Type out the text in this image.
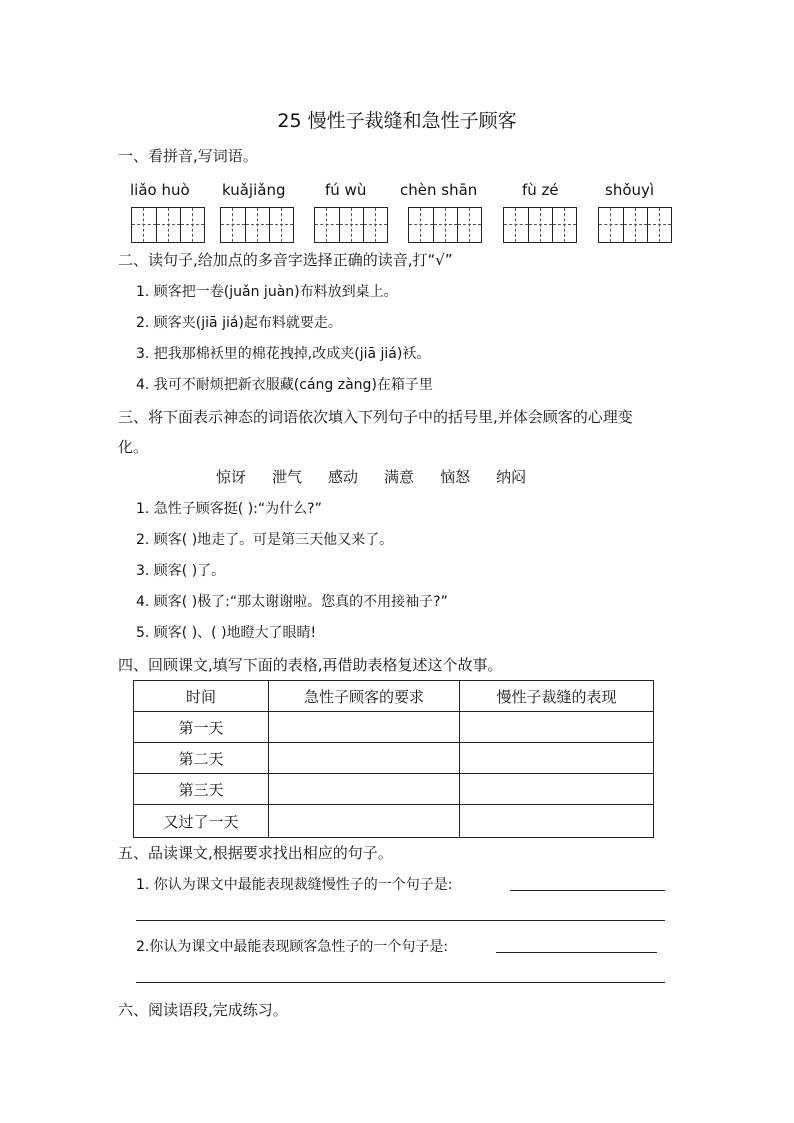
25 慢性子裁缝和急性子顾客
一、看拼音,写词语。
liǎo huò kuǎjiǎng	fú wù chèn shān	fù zé	shǒuyì
二、读句子,给加点的多音字选择正确的读音,打“√”
1. 顾客把一卷(juǎn juàn)布料放到桌上。
2. 顾客夹(jiā jiá)起布料就要走。
3. 把我那棉袄里的棉花拽掉,改成夹(jiā jiá)袄。
4. 我可不耐烦把新衣服藏(cáng zàng)在箱子里
三、将下面表示神态的词语依次填入下列句子中的括号里,并体会顾客的心理变
化。
惊讶 泄气 感动 满意 恼怒 纳闷
1. 急性子顾客挺( ):“为什么?”
2. 顾客( )地走了。可是第三天他又来了。
3. 顾客( )了。
4. 顾客( )极了:“那太谢谢啦。您真的不用接袖子?”
5. 顾客( )、( )地瞪大了眼睛!
四、回顾课文,填写下面的表格,再借助表格复述这个故事。
时间	急性子顾客的要求	慢性子裁缝的表现
第一天		
第二天		
第三天		
又过了一天		
五、品读课文,根据要求找出相应的句子。
1. 你认为课文中最能表现裁缝慢性子的一个句子是:
2.你认为课文中最能表现顾客急性子的一个句子是:
六、阅读语段,完成练习。
